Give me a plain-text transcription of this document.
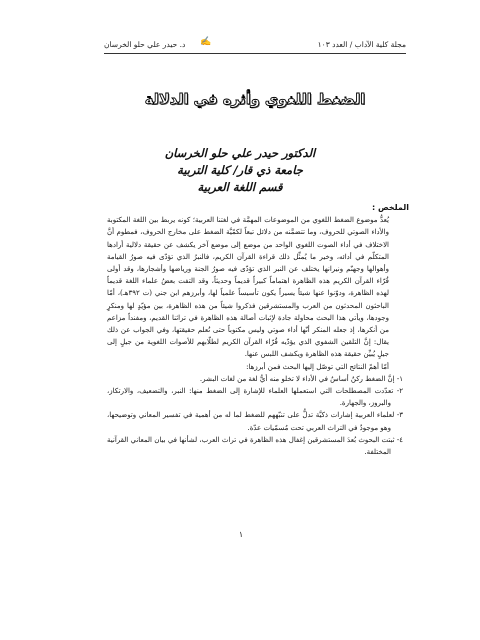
مجلة كلية الآداب / العدد ١٠٣
✍
د. حيدر علي حلو الخرسان
الضغط اللغوي وأثره في الدلالة
الدكتور حيدر علي حلو الخرسان
جامعة ذي قار/ كلية التربية
قسم اللغة العربية

الملخص :

يُعدُّ موضوع الضغط اللغوي من الموضوعات المهمَّة في لغتنا العربية؛ كونه يربط بين اللغة المكتوبة والأداء الصوتي للحروف، وما تتضمَّنه من دلائل تبعاً لكمّيَّة الضغط على مخارج الحروف، فمطوم أنَّ الاختلاف في أداء الصوت اللغوي الواحد من موضع إلى موضع آخر يكشف عن حقيقة دلالية أرادها المتكلّم في أدائه، وخير ما يُمثِّل ذلك قراءة القرآن الكريم، فالنبرُ الذي تؤدّى فيه صورُ القيامة وأهوالها وجهنّم ونيرانها يختلف عن النبر الذي تؤدّى فيه صورُ الجنة ورياضها وأشجارها، وقد أولى قُرّاء القرآن الكريم هذه الظاهرة اهتماماً كبيراً قديماً وحديثاً، وقد التفت بعضُ علماء اللغة قديماً لهذه الظاهرة، ودوّنوا عنها شيئاً يسيراً يكون تأسيساً علمياً لها، وأبرزهم ابن جني (ت ٣٩٢هـ)، أمّا الباحثون المحدثون من العرب والمستشرقين فذكروا شيئاً من هذه الظاهرة، بين مؤيّدٍ لها ومنكرٍ وجودها، ويأتي هذا البحث محاولة جادة لإثبات أصالة هذه الظاهرة في تراثنا القديم، ومفنداً مزاعم من أنكرها، إذ جعله المنكر أنّها أداء صوتي وليس مكتوباً حتى نُعلم حقيقتها، وفي الجواب عن ذلك يقال: إنَّ التلقين الشفوي الذي يؤدّيه قُرّاء القرآن الكريم لطلّابهم للأصوات اللغوية من جيلٍ إلى جيلٍ يُبيِّن حقيقة هذه الظاهرة ويكشف اللبس عنها.

أمّا أهمّ النتائج التي توصّل إليها البحث فمن أبرزها:

١- إنَّ الضغط ركنٌ أساسٌ في الأداء لا تخلو منه أيُّ لغة من لغات البشر.

٢- تعدّدت المصطلحات التي استعملها العلماء للإشارة إلى الضغط منها: النبر، والتضعيف، والارتكاز، والبروز، والجهارة.

٣- لعلماء العربية إشارات ذكيَّة تدلُّ على تنبّههم للضغط لما له من أهمية في تفسير المعاني وتوضيحها، وهو موجودٌ في التراث العربي تحت مُسمّيات عدّة.

٤- ثبتت البحوث بُعدَ المستشرقين إغفال هذه الظاهرة في تراث العرب، لشأنها في بيان المعاني القرآنية المختلفة.

١
